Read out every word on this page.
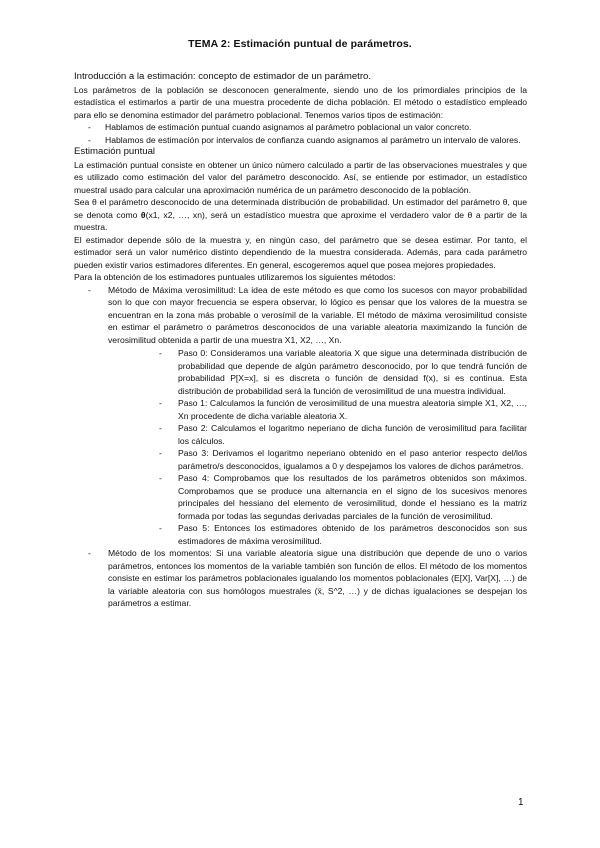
TEMA 2: Estimación puntual de parámetros.

Introducción a la estimación: concepto de estimador de un parámetro.

Los parámetros de la población se desconocen generalmente, siendo uno de los primordiales principios de la estadística el estimarlos a partir de una muestra procedente de dicha población. El método o estadístico empleado para ello se denomina estimador del parámetro poblacional. Tenemos varios tipos de estimación:

- Hablamos de estimación puntual cuando asignamos al parámetro poblacional un valor concreto.
- Hablamos de estimación por intervalos de confianza cuando asignamos al parámetro un intervalo de valores.

Estimación puntual

La estimación puntual consiste en obtener un único número calculado a partir de las observaciones muestrales y que es utilizado como estimación del valor del parámetro desconocido. Así, se entiende por estimador, un estadístico muestral usado para calcular una aproximación numérica de un parámetro desconocido de la población.

Sea θ el parámetro desconocido de una determinada distribución de probabilidad. Un estimador del parámetro θ, que se denota como θ(x1, x2, …, xn), será un estadístico muestra que aproxime el verdadero valor de θ a partir de la muestra.

El estimador depende sólo de la muestra y, en ningún caso, del parámetro que se desea estimar. Por tanto, el estimador será un valor numérico distinto dependiendo de la muestra considerada. Además, para cada parámetro pueden existir varios estimadores diferentes. En general, escogeremos aquel que posea mejores propiedades.

Para la obtención de los estimadores puntuales utilizaremos los siguientes métodos:

- Método de Máxima verosimilitud: La idea de este método es que como los sucesos con mayor probabilidad son lo que con mayor frecuencia se espera observar, lo lógico es pensar que los valores de la muestra se encuentran en la zona más probable o verosímil de la variable. El método de máxima verosimilitud consiste en estimar el parámetro o parámetros desconocidos de una variable aleatoria maximizando la función de verosimilitud obtenida a partir de una muestra X1, X2, …, Xn.
- Paso 0: Consideramos una variable aleatoria X que sigue una determinada distribución de probabilidad que depende de algún parámetro desconocido, por lo que tendrá función de probabilidad P[X=x], si es discreta o función de densidad f(x), si es continua. Esta distribución de probabilidad será la función de verosimilitud de una muestra individual.
- Paso 1: Calculamos la función de verosimilitud de una muestra aleatoria simple X1, X2, …, Xn procedente de dicha variable aleatoria X.
- Paso 2: Calculamos el logaritmo neperiano de dicha función de verosimilitud para facilitar los cálculos.
- Paso 3: Derivamos el logaritmo neperiano obtenido en el paso anterior respecto del/los parámetro/s desconocidos, igualamos a 0 y despejamos los valores de dichos parámetros.
- Paso 4: Comprobamos que los resultados de los parámetros obtenidos son máximos. Comprobamos que se produce una alternancia en el signo de los sucesivos menores principales del hessiano del elemento de verosimilitud, donde el hessiano es la matriz formada por todas las segundas derivadas parciales de la función de verosimilitud.
- Paso 5: Entonces los estimadores obtenido de los parámetros desconocidos son sus estimadores de máxima verosimilitud.
- Método de los momentos: Si una variable aleatoria sigue una distribución que depende de uno o varios parámetros, entonces los momentos de la variable también son función de ellos. El método de los momentos consiste en estimar los parámetros poblacionales igualando los momentos poblacionales (E[X], Var[X], …) de la variable aleatoria con sus homólogos muestrales (x̄, S^2, …) y de dichas igualaciones se despejan los parámetros a estimar.
1
